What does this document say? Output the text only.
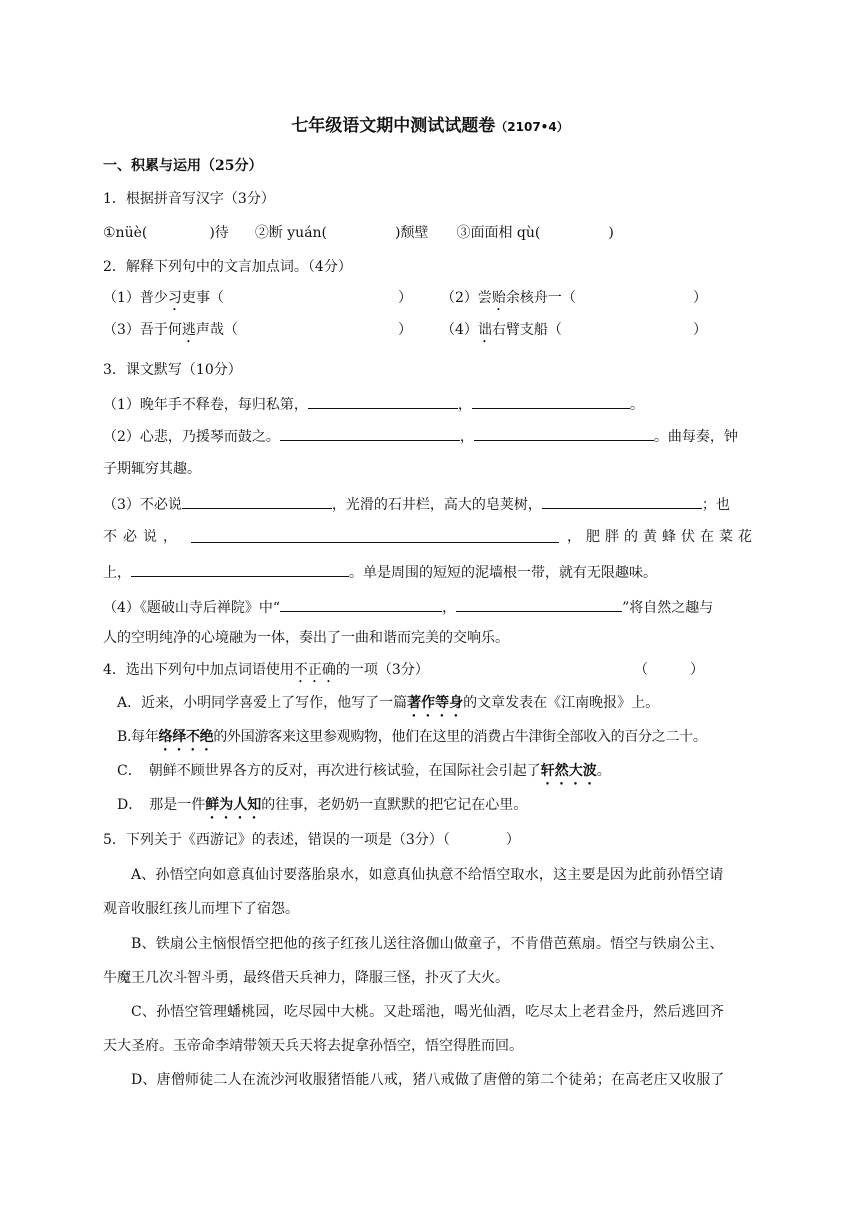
七年级语文期中测试试题卷（2107•4）
一、积累与运用（25分）
1．根据拼音写汉字（3分）
①nüè(	)待 ②断 yuán(	)颓壁 ③面面相 qù(	)
2．解释下列句中的文言加点词。（4分）
（1）普少习吏事（	） （2）尝贻余核舟一（	）
（3）吾于何逃声哉（	） （4）诎右臂支船（	）
3．课文默写（10分）
（1）晚年手不释卷，每归私第，	，	。
（2）心悲，乃援琴而鼓之。	，	。曲每奏，钟
子期辄穷其趣。
（3）不必说	，光滑的石井栏，高大的皂荚树，	；也
不必说，	，肥胖的黄蜂伏在菜花
上，	。单是周围的短短的泥墙根一带，就有无限趣味。
（4）《题破山寺后禅院》中“	，	”将自然之趣与
人的空明纯净的心境融为一体，奏出了一曲和谐而完美的交响乐。
4．选出下列句中加点词语使用不正确的一项（3分）	（　　　）
A．近来，小明同学喜爱上了写作，他写了一篇著作等身的文章发表在《江南晚报》上。
B.每年络绎不绝的外国游客来这里参观购物，他们在这里的消费占牛津街全部收入的百分之二十。
C．　朝鲜不顾世界各方的反对，再次进行核试验，在国际社会引起了轩然大波。
D．　那是一件鲜为人知的往事，老奶奶一直默默的把它记在心里。
5．下列关于《西游记》的表述，错误的一项是（3分）（　　　　）
A、孙悟空向如意真仙讨要落胎泉水，如意真仙执意不给悟空取水，这主要是因为此前孙悟空请
观音收服红孩儿而埋下了宿怨。
B、铁扇公主恼恨悟空把他的孩子红孩儿送往洛伽山做童子，不肯借芭蕉扇。悟空与铁扇公主、
牛魔王几次斗智斗勇，最终借天兵神力，降服三怪，扑灭了大火。
C、孙悟空管理蟠桃园，吃尽园中大桃。又赴瑶池，喝光仙酒，吃尽太上老君金丹，然后逃回齐
天大圣府。玉帝命李靖带领天兵天将去捉拿孙悟空，悟空得胜而回。
D、唐僧师徒二人在流沙河收服猪悟能八戒，猪八戒做了唐僧的第二个徒弟；在高老庄又收服了
